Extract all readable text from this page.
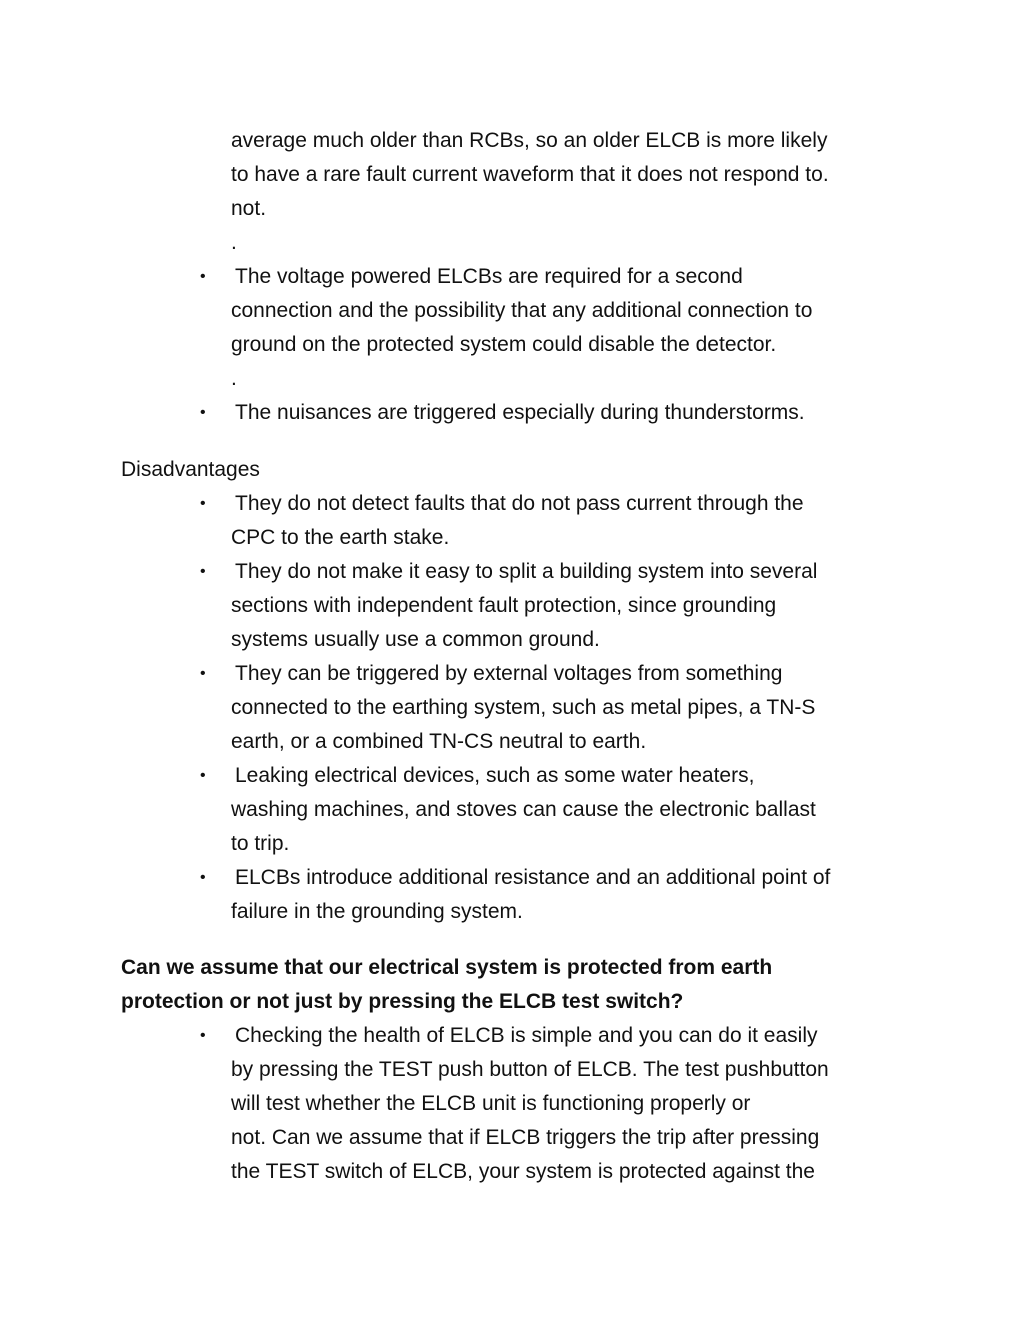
average much older than RCBs, so an older ELCB is more likely
to have a rare fault current waveform that it does not respond to.
not.
.
• The voltage powered ELCBs are required for a second
connection and the possibility that any additional connection to
ground on the protected system could disable the detector.
.
• The nuisances are triggered especially during thunderstorms.
Disadvantages
• They do not detect faults that do not pass current through the
CPC to the earth stake.
• They do not make it easy to split a building system into several
sections with independent fault protection, since grounding
systems usually use a common ground.
• They can be triggered by external voltages from something
connected to the earthing system, such as metal pipes, a TN-S
earth, or a combined TN-CS neutral to earth.
• Leaking electrical devices, such as some water heaters,
washing machines, and stoves can cause the electronic ballast
to trip.
• ELCBs introduce additional resistance and an additional point of
failure in the grounding system.
Can we assume that our electrical system is protected from earth
protection or not just by pressing the ELCB test switch?
• Checking the health of ELCB is simple and you can do it easily
by pressing the TEST push button of ELCB. The test pushbutton
will test whether the ELCB unit is functioning properly or
not. Can we assume that if ELCB triggers the trip after pressing
the TEST switch of ELCB, your system is protected against the
